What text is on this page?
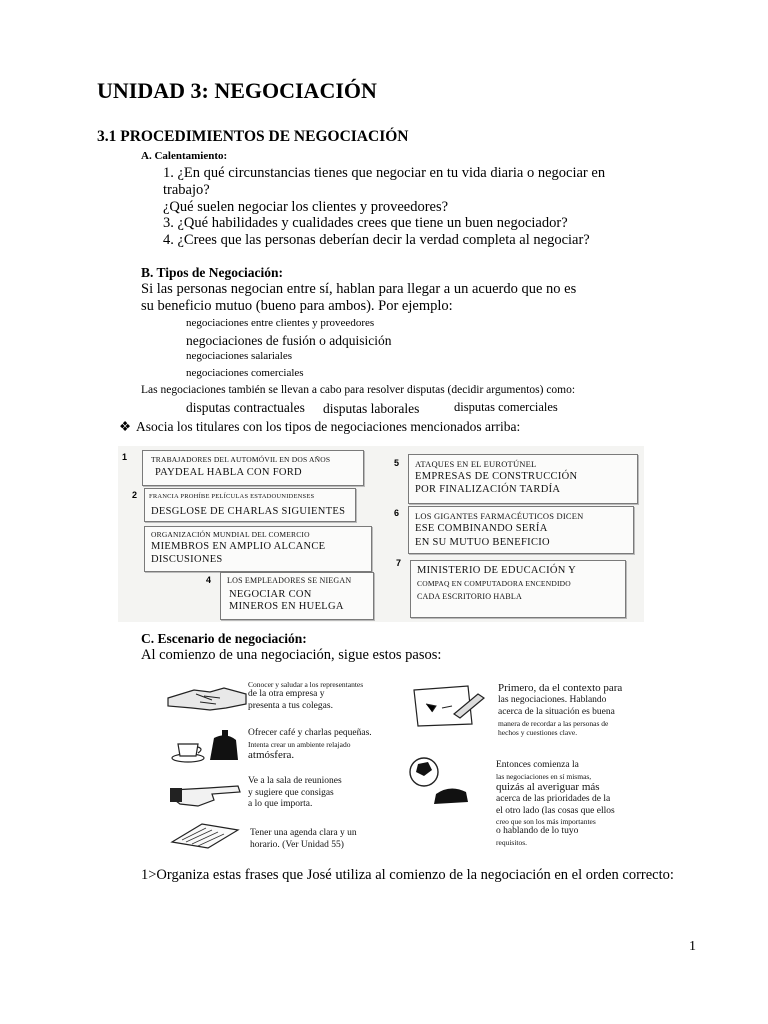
UNIDAD 3: NEGOCIACIÓN
3.1 PROCEDIMIENTOS DE NEGOCIACIÓN
A. Calentamiento:
1. ¿En qué circunstancias tienes que negociar en tu vida diaria o negociar en
trabajo?
¿Qué suelen negociar los clientes y proveedores?
3. ¿Qué habilidades y cualidades crees que tiene un buen negociador?
4. ¿Crees que las personas deberían decir la verdad completa al negociar?
B. Tipos de Negociación:
Si las personas negocian entre sí, hablan para llegar a un acuerdo que no es
su beneficio mutuo (bueno para ambos). Por ejemplo:
negociaciones entre clientes y proveedores
negociaciones de fusión o adquisición
negociaciones salariales
negociaciones comerciales
Las negociaciones también se llevan a cabo para resolver disputas (decidir argumentos) como:
disputas contractuales disputas laborales	disputas comerciales
❖ Asocia los titulares con los tipos de negociaciones mencionados arriba:
1	TRABAJADORES DEL AUTOMÓVIL EN DOS AÑOS
PAYDEAL HABLA CON FORD
2 FRANCIA PROHÍBE PELÍCULAS ESTADOUNIDENSES
DESGLOSE DE CHARLAS SIGUIENTES
ORGANIZACIÓN MUNDIAL DEL COMERCIO
MIEMBROS EN AMPLIO ALCANCE
DISCUSIONES
4 LOS EMPLEADORES SE NIEGAN
NEGOCIAR CON
MINEROS EN HUELGA
5 ATAQUES EN EL EUROTÚNEL
EMPRESAS DE CONSTRUCCIÓN
POR FINALIZACIÓN TARDÍA
6 LOS GIGANTES FARMACÉUTICOS DICEN
ESE COMBINANDO SERÍA
EN SU MUTUO BENEFICIO
7
MINISTERIO DE EDUCACIÓN Y
COMPAQ EN COMPUTADORA ENCENDIDO
CADA ESCRITORIO HABLA
C. Escenario de negociación:
Al comienzo de una negociación, sigue estos pasos:
Conocer y saludar a los representantes
de la otra empresa y
presenta a tus colegas.
Ofrecer café y charlas pequeñas.
Intenta crear un ambiente relajado
atmósfera.
Ve a la sala de reuniones
y sugiere que consigas
a lo que importa.
Tener una agenda clara y un
horario. (Ver Unidad 55)
Primero, da el contexto para
las negociaciones. Hablando
acerca de la situación es buena
manera de recordar a las personas de
hechos y cuestiones clave.
Entonces comienza la
las negociaciones en sí mismas,
quizás al averiguar más
acerca de las prioridades de la
el otro lado (las cosas que ellos
creo que son los más importantes
o hablando de lo tuyo
requisitos.
1>Organiza estas frases que José utiliza al comienzo de la negociación en el orden correcto:
1
